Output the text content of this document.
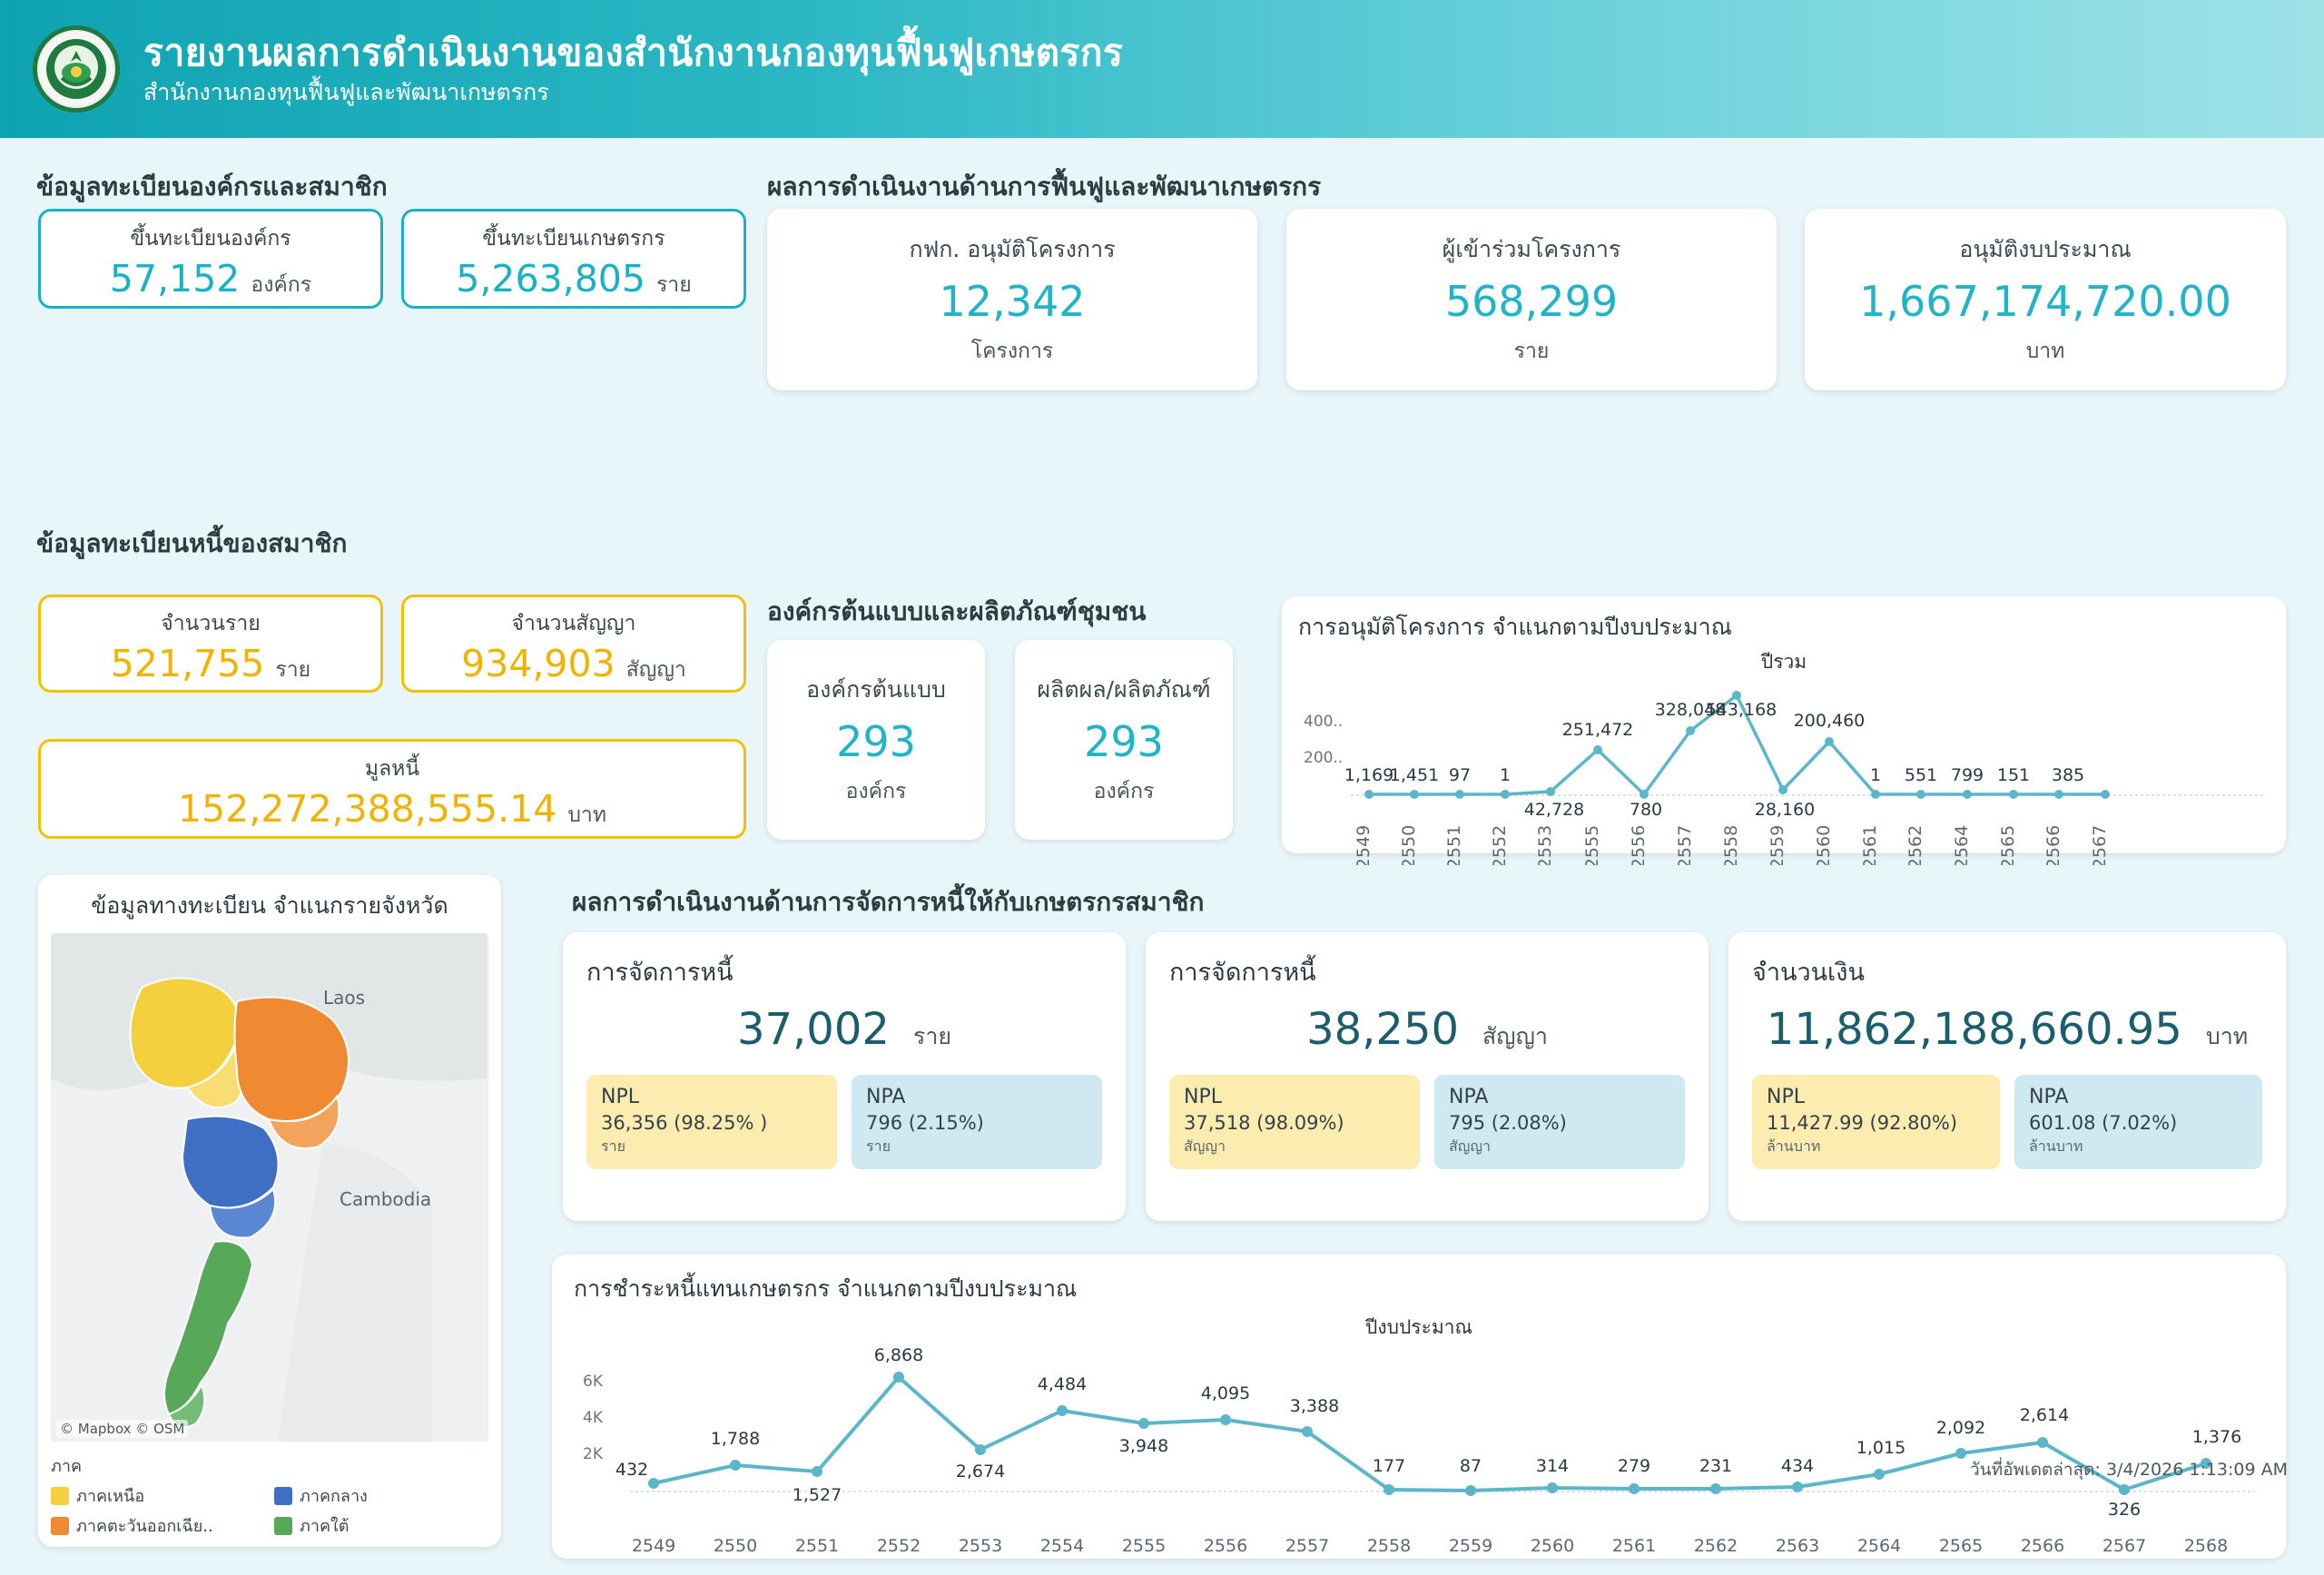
รายงานผลการดำเนินงานของสำนักงานกองทุนฟื้นฟูเกษตรกร
สำนักงานกองทุนฟื้นฟูและพัฒนาเกษตรกร
ข้อมูลทะเบียนองค์กรและสมาชิก
ขึ้นทะเบียนองค์กร
57,152 องค์กร
ขึ้นทะเบียนเกษตรกร
5,263,805 ราย
ข้อมูลทะเบียนหนี้ของสมาชิก
จำนวนราย
521,755 ราย
จำนวนสัญญา
934,903 สัญญา
มูลหนี้
152,272,388,555.14 บาท
ผลการดำเนินงานด้านการฟื้นฟูและพัฒนาเกษตรกร
กฟก. อนุมัติโครงการ
12,342
โครงการ
ผู้เข้าร่วมโครงการ
568,299
ราย
อนุมัติงบประมาณ
1,667,174,720.00
บาท
องค์กรต้นแบบและผลิตภัณฑ์ชุมชน
องค์กรต้นแบบ
293
องค์กร
ผลิตผล/ผลิตภัณฑ์
293
องค์กร
การอนุมัติโครงการ จำแนกตามปีงบประมาณ
ปีรวม
400..
200..
1,169
1,451 97 1
42,728
251,472
780
328,048
543,168
28,160
200,460
1 551 799 151 385
2549 2550 2551 2552 2553 2555 2556 2557 2558 2559 2560 2561 2562 2564 2565 2566 2567
ผลการดำเนินงานด้านการจัดการหนี้ให้กับเกษตรกรสมาชิก
ข้อมูลทางทะเบียน จำแนกรายจังหวัด
Laos
Cambodia
© Mapbox © OSM
ภาค
ภาคเหนือ	ภาคกลาง
ภาคตะวันออกเฉีย..	ภาคใต้
การจัดการหนี้
37,002 ราย
NPL
36,356 (98.25% )
ราย
NPA
796 (2.15%)
ราย
การจัดการหนี้
38,250 สัญญา
NPL
37,518 (98.09%)
สัญญา
NPA
795 (2.08%)
สัญญา
จำนวนเงิน
11,862,188,660.95 บาท
NPL
11,427.99 (92.80%)
ล้านบาท
NPA
601.08 (7.02%)
ล้านบาท
การชำระหนี้แทนเกษตรกร จำแนกตามปีงบประมาณ
ปีงบประมาณ
6K
4K
2K
432
1,788
1,527
6,868
2,674
4,484
3,948
4,095
3,388
177	87	314	279	231	434
1,015
2,092
2,614
326
1,376
2549 2550 2551 2552 2553 2554 2555 2556 2557 2558 2559 2560 2561 2562 2563 2564 2565 2566 2567 2568
วันที่อัพเดตล่าสุด: 3/4/2026 1:13:09 AM
